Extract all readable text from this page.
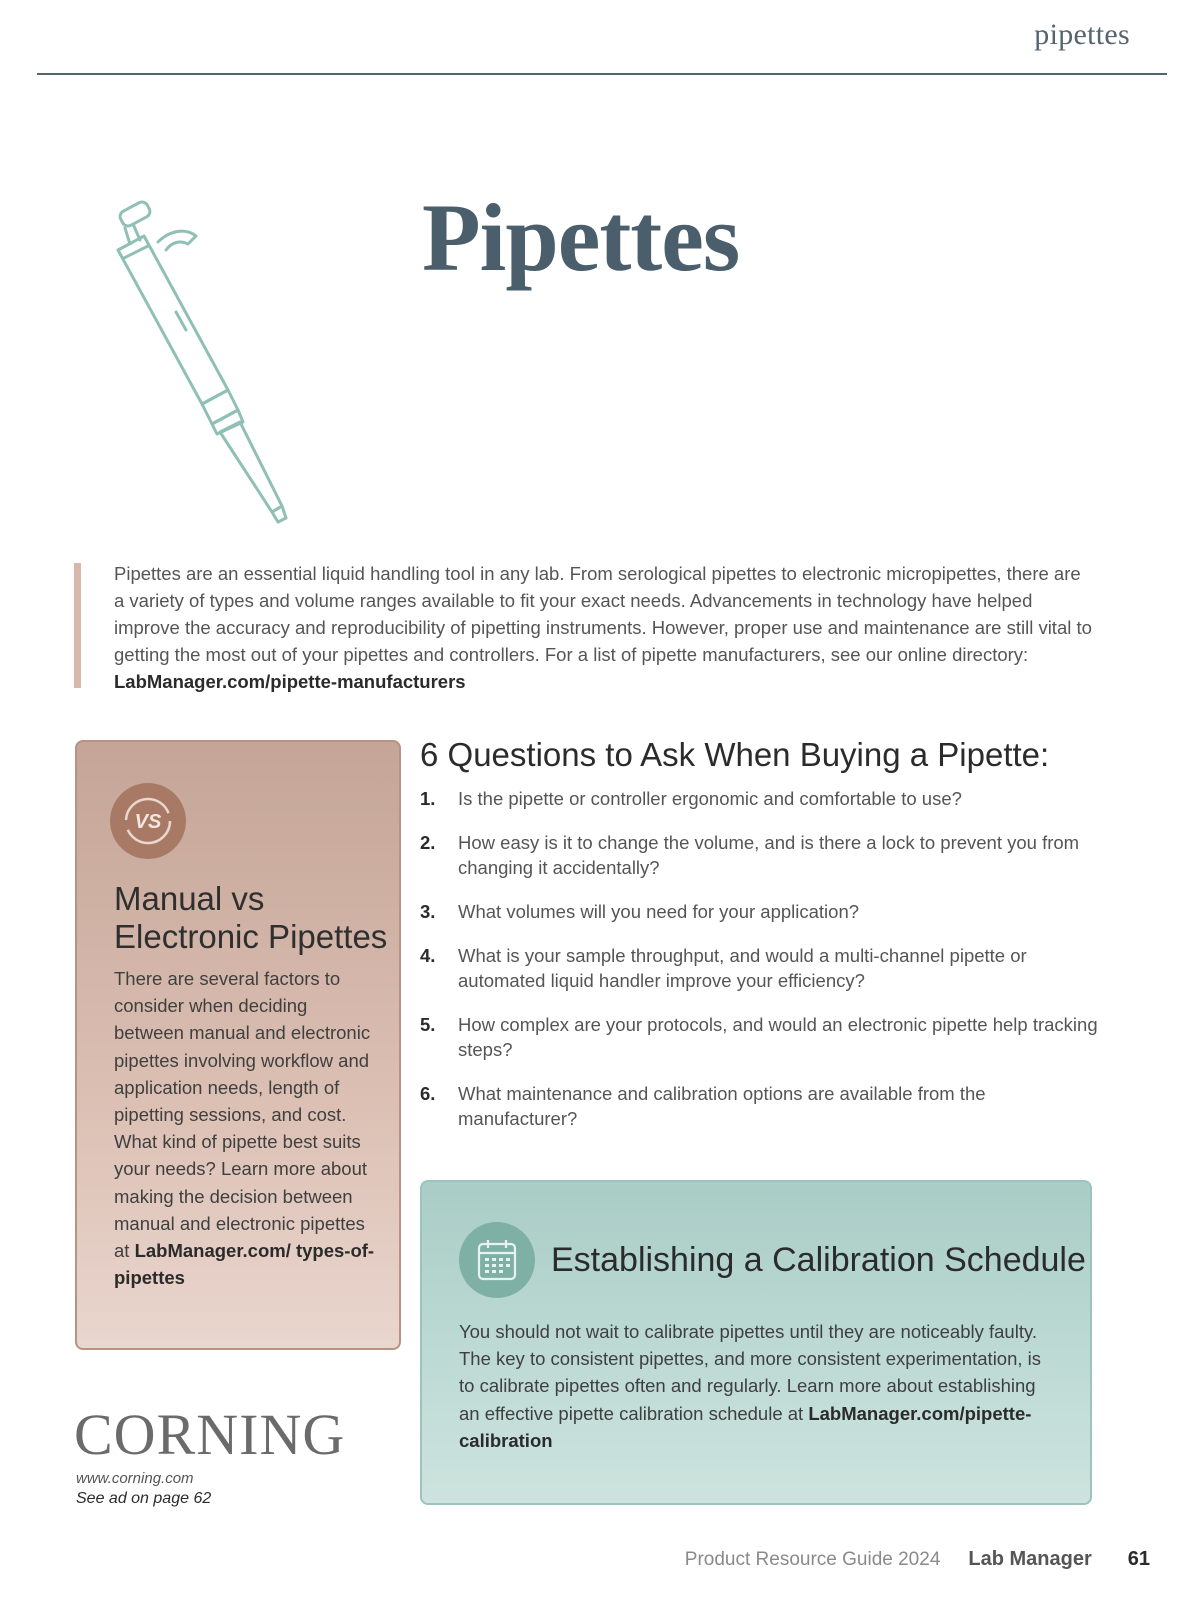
pipettes
Pipettes
Pipettes are an essential liquid handling tool in any lab. From serological pipettes to electronic micropipettes, there are a variety of types and volume ranges available to fit your exact needs. Advancements in technology have helped improve the accuracy and reproducibility of pipetting instruments. However, proper use and maintenance are still vital to getting the most out of your pipettes and controllers. For a list of pipette manufacturers, see our online directory:
LabManager.com/pipette-manufacturers
VS
Manual vs
Electronic Pipettes
There are several factors to consider when deciding between manual and electronic pipettes involving workflow and application needs, length of pipetting sessions, and cost. What kind of pipette best suits your needs? Learn more about making the decision between manual and electronic pipettes at LabManager.com/ types-of-pipettes
6 Questions to Ask When Buying a Pipette:
1. Is the pipette or controller ergonomic and comfortable to use?
2. How easy is it to change the volume, and is there a lock to prevent you from changing it accidentally?
3. What volumes will you need for your application?
4. What is your sample throughput, and would a multi-channel pipette or automated liquid handler improve your efficiency?
5. How complex are your protocols, and would an electronic pipette help tracking steps?
6. What maintenance and calibration options are available from the manufacturer?
Establishing a Calibration Schedule
You should not wait to calibrate pipettes until they are noticeably faulty. The key to consistent pipettes, and more consistent experimentation, is to calibrate pipettes often and regularly. Learn more about establishing an effective pipette calibration schedule at LabManager.com/pipette-calibration
CORNING
www.corning.com
See ad on page 62
Product Resource Guide 2024 Lab Manager 61
